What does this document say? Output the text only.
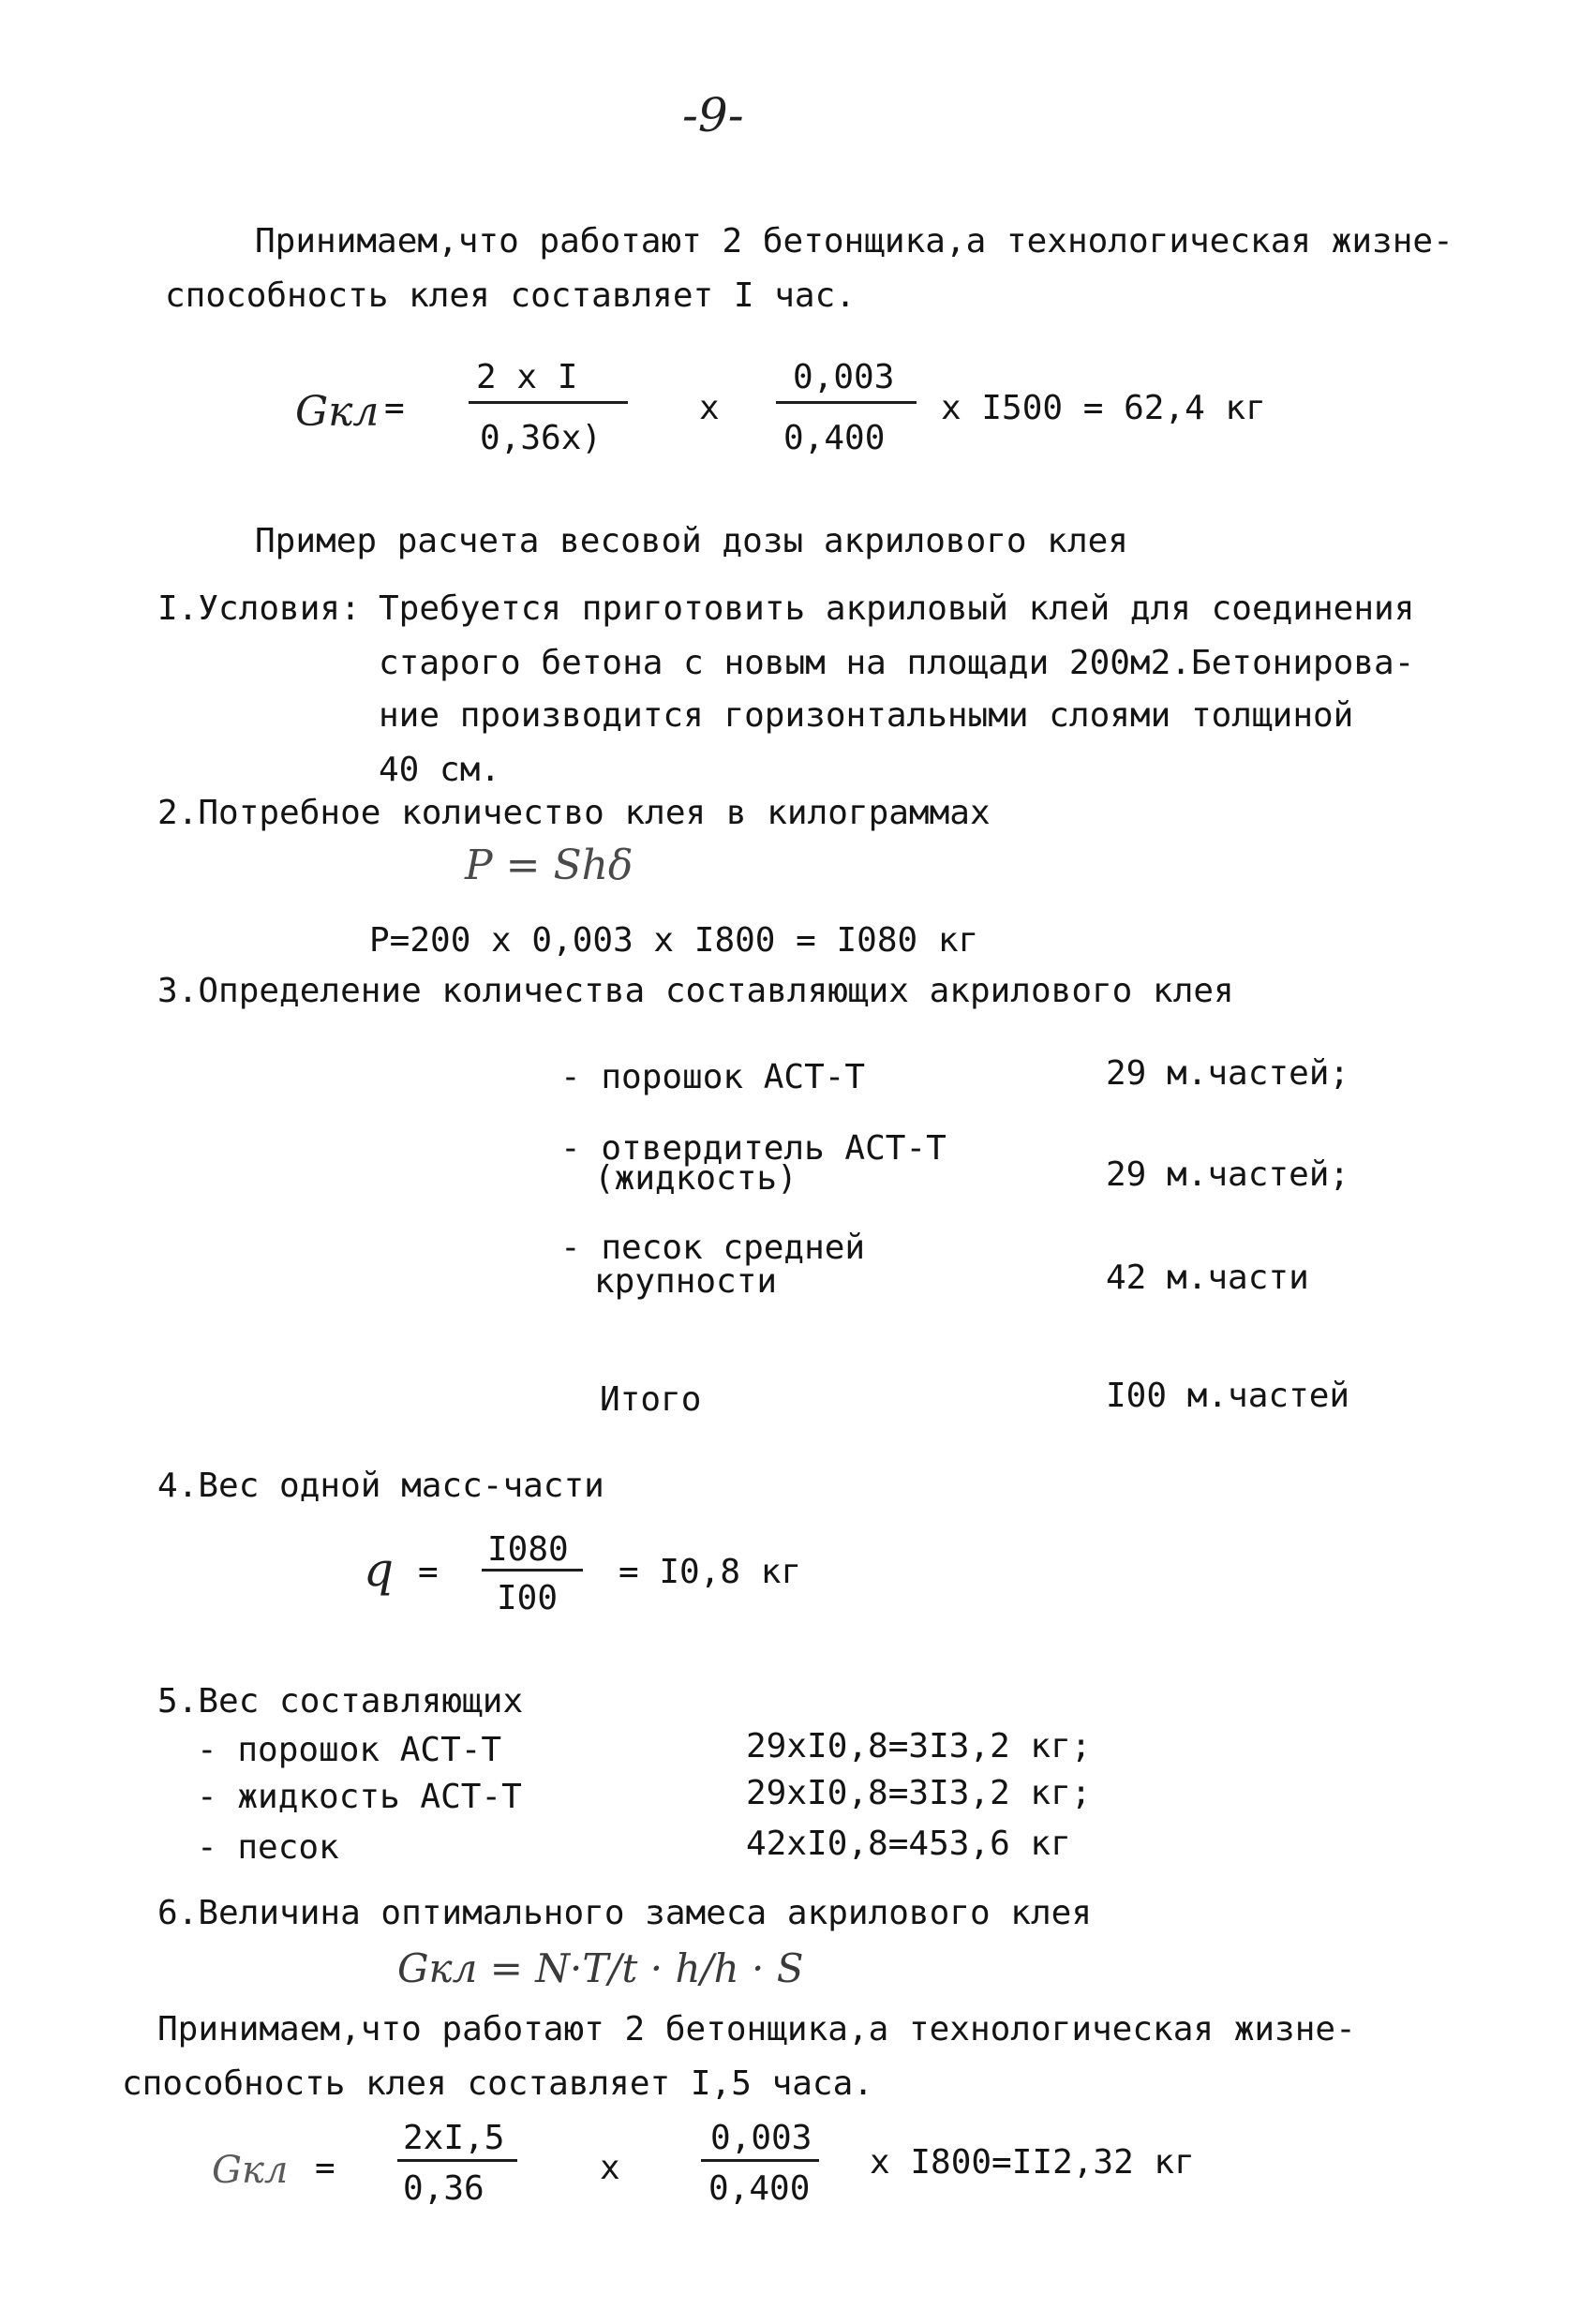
-9-
Принимаем,что работают 2 бетонщика,а технологическая жизне-
способность клея составляет I час.
Gкл =
2 x I
0,36x)
x
0,003
0,400
x I500 = 62,4 кг
Пример расчета весовой дозы акрилового клея
I.Условия: Требуется приготовить акриловый клей для соединения
старого бетона с новым на площади 200м2.Бетонирова-
ние производится горизонтальными слоями толщиной
40 см.
2.Потребное количество клея в килограммах
P = Shδ
P=200 x 0,003 x I800 = I080 кг
3.Определение количества составляющих акрилового клея
- порошок АСТ-Т	29 м.частей;
- отвердитель АСТ-Т
(жидкость)	29 м.частей;
- песок средней
крупности	42 м.части
Итого	I00 м.частей
4.Вес одной масс-части
q =
I080
I00
= I0,8 кг
5.Вес составляющих
- порошок АСТ-Т	29xI0,8=3I3,2 кг;
- жидкость АСТ-Т	29xI0,8=3I3,2 кг;
- песок	42xI0,8=453,6 кг
6.Величина оптимального замеса акрилового клея
Gкл = N·T/t · h/h · S
Принимаем,что работают 2 бетонщика,а технологическая жизне-
способность клея составляет I,5 часа.
Gкл =
2xI,5
0,36
x
0,003
0,400
x I800=II2,32 кг
